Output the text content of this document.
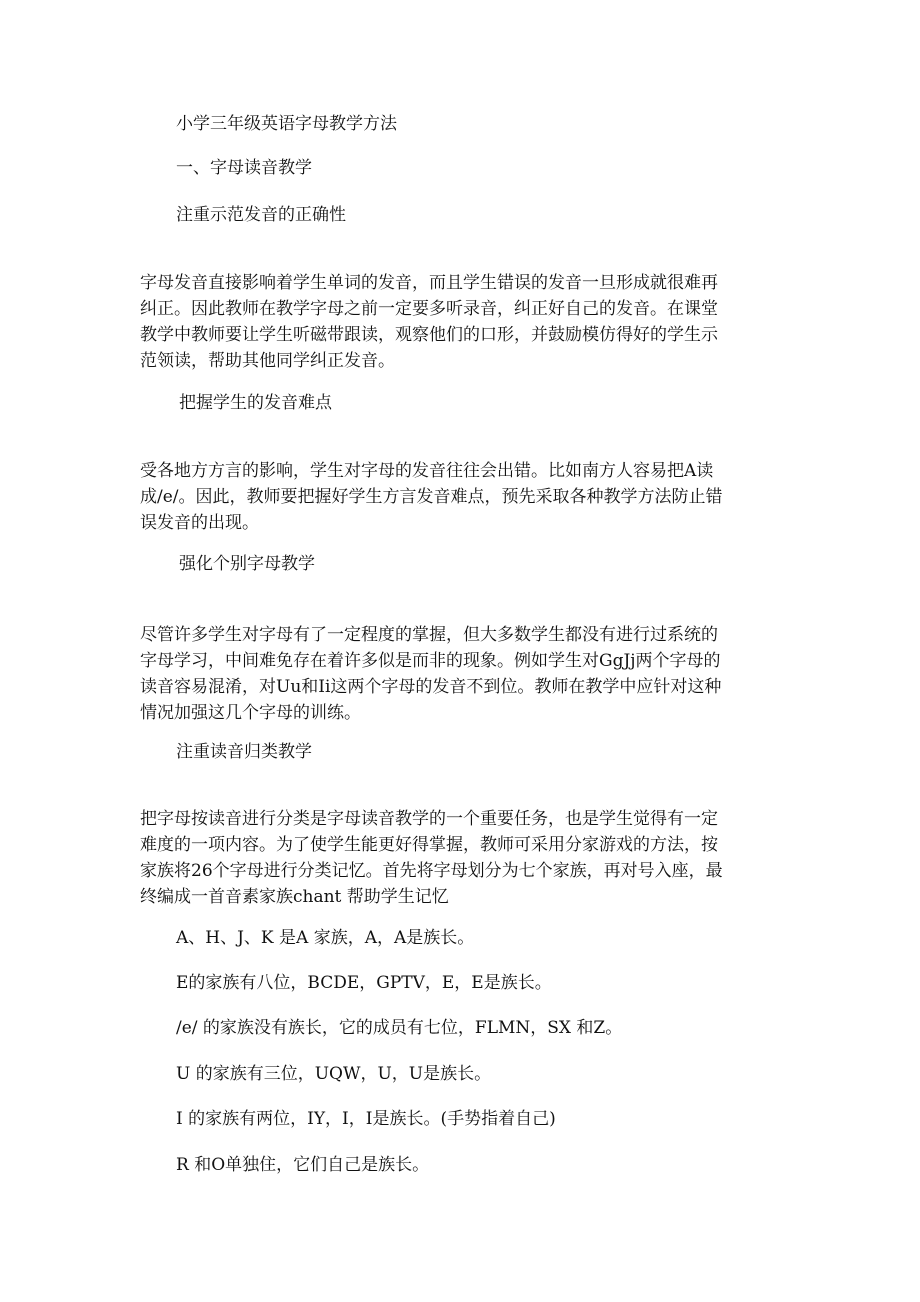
小学三年级英语字母教学方法
一、字母读音教学
注重示范发音的正确性
字母发音直接影响着学生单词的发音，而且学生错误的发音一旦形成就很难再
纠正。因此教师在教学字母之前一定要多听录音，纠正好自己的发音。在课堂
教学中教师要让学生听磁带跟读，观察他们的口形，并鼓励模仿得好的学生示
范领读，帮助其他同学纠正发音。
把握学生的发音难点
受各地方方言的影响，学生对字母的发音往往会出错。比如南方人容易把A读
成/e/。因此，教师要把握好学生方言发音难点，预先采取各种教学方法防止错
误发音的出现。
强化个别字母教学
尽管许多学生对字母有了一定程度的掌握，但大多数学生都没有进行过系统的
字母学习，中间难免存在着许多似是而非的现象。例如学生对GgJj两个字母的
读音容易混淆，对Uu和Ii这两个字母的发音不到位。教师在教学中应针对这种
情况加强这几个字母的训练。
注重读音归类教学
把字母按读音进行分类是字母读音教学的一个重要任务，也是学生觉得有一定
难度的一项内容。为了使学生能更好得掌握，教师可采用分家游戏的方法，按
家族将26个字母进行分类记忆。首先将字母划分为七个家族，再对号入座，最
终编成一首音素家族chant 帮助学生记忆
A、H、J、K 是A 家族，A，A是族长。
E的家族有八位，BCDE，GPTV，E，E是族长。
/e/ 的家族没有族长，它的成员有七位，FLMN，SX 和Z。
U 的家族有三位，UQW，U，U是族长。
I 的家族有两位，IY，I，I是族长。(手势指着自己)
R 和O单独住，它们自己是族长。
